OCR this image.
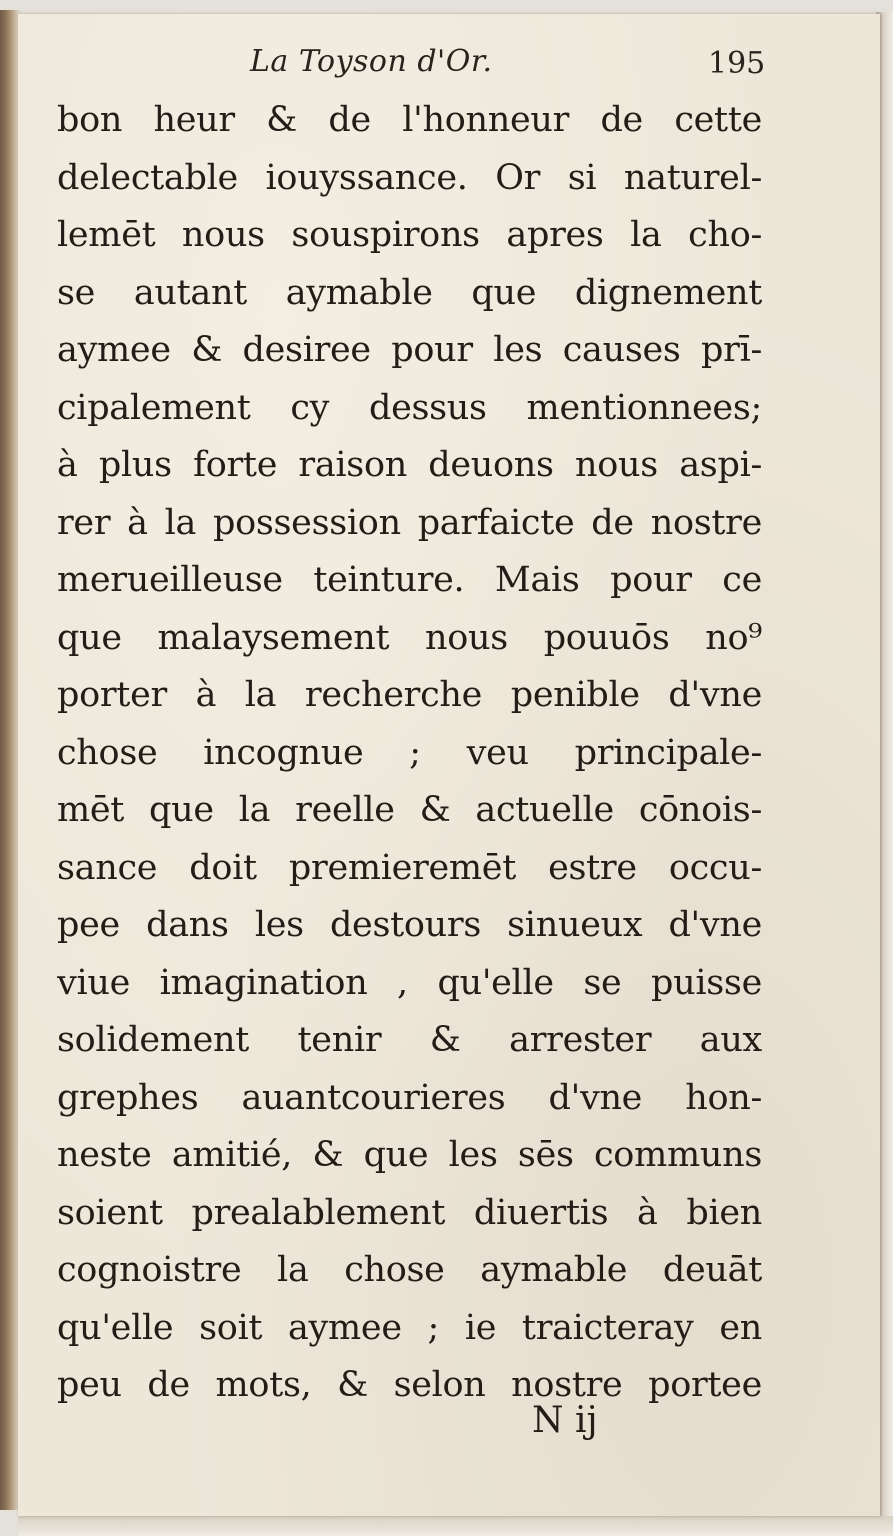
La Toyson d'Or.	195
bon heur & de l'honneur de cette
delectable iouyssance. Or si naturel-
lemēt nous souspirons apres la cho-
se autant aymable que dignement
aymee & desiree pour les causes prī-
cipalement cy dessus mentionnees;
à plus forte raison deuons nous aspi-
rer à la possession parfaicte de nostre
merueilleuse teinture. Mais pour ce
que malaysement nous pouuōs no⁹
porter à la recherche penible d'vne
chose incognue ; veu principale-
mēt que la reelle & actuelle cōnois-
sance doit premieremēt estre occu-
pee dans les destours sinueux d'vne
viue imagination , qu'elle se puisse
solidement tenir & arrester aux
grephes auantcourieres d'vne hon-
neste amitié, & que les sēs communs
soient prealablement diuertis à bien
cognoistre la chose aymable deuāt
qu'elle soit aymee ; ie traicteray en
peu de mots, & selon nostre portee
N ij
